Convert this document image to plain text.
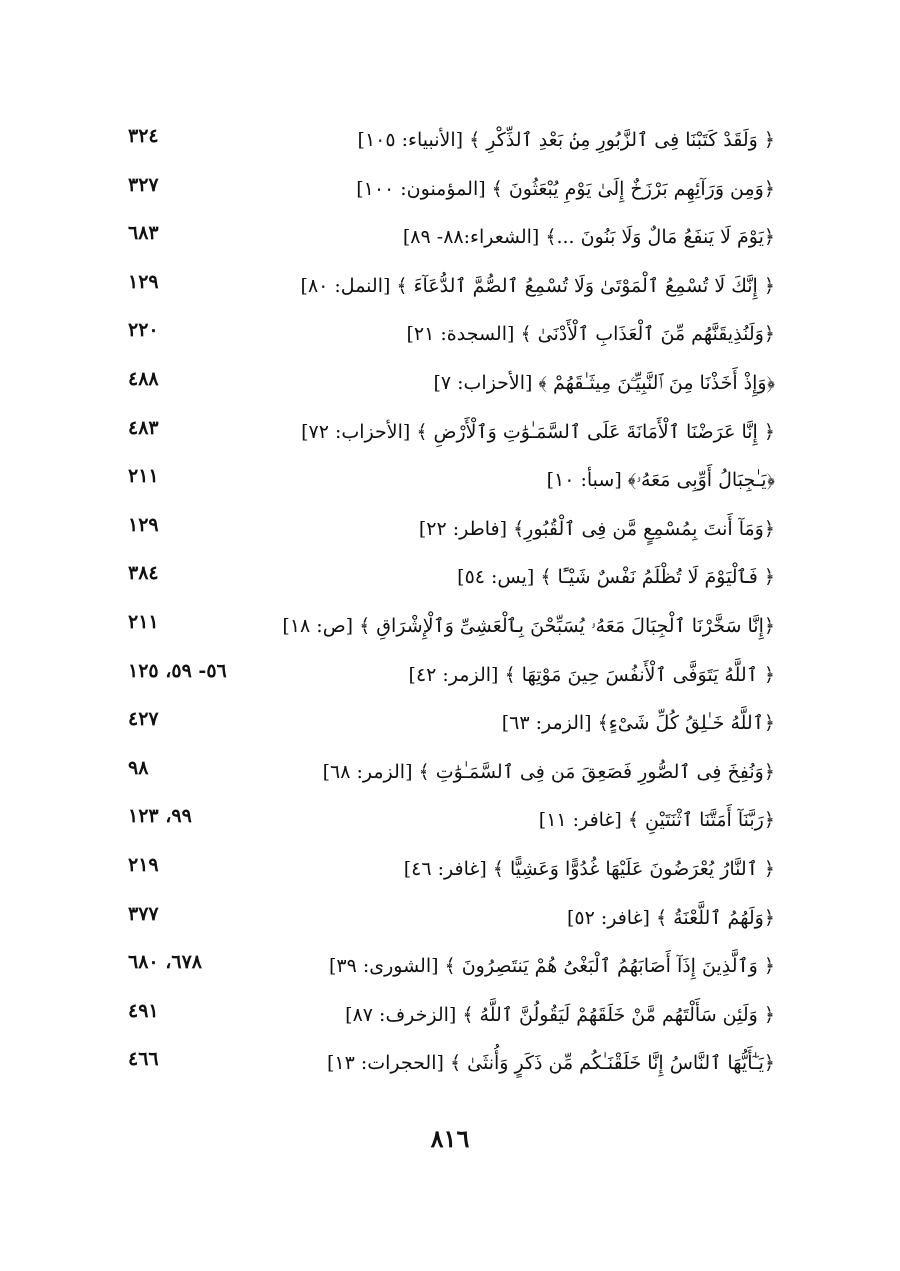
﴿ وَلَقَدْ كَتَبْنَا فِى ٱلزَّبُورِ مِنۢ بَعْدِ ٱلذِّكْرِ ﴾ [الأنبياء: ١٠٥]
٣٢٤
﴿وَمِن وَرَآئِهِم بَرْزَخٌ إِلَىٰ يَوْمِ يُبْعَثُونَ ﴾ [المؤمنون: ١٠٠]
٣٢٧
﴿يَوْمَ لَا يَنفَعُ مَالٌ وَلَا بَنُونَ ...﴾ [الشعراء:٨٨- ٨٩]
٦٨٣
﴿ إِنَّكَ لَا تُسْمِعُ ٱلْمَوْتَىٰ وَلَا تُسْمِعُ ٱلصُّمَّ ٱلدُّعَآءَ ﴾ [النمل: ٨٠]
١٢٩
﴿وَلَنُذِيقَنَّهُم مِّنَ ٱلْعَذَابِ ٱلْأَدْنَىٰ ﴾ [السجدة: ٢١]
٢٢٠
﴿وَإِذْ أَخَذْنَا مِنَ ٱلنَّبِيِّـۧنَ مِيثَـٰقَهُمْ ﴾ [الأحزاب: ٧]
٤٨٨
﴿ إِنَّا عَرَضْنَا ٱلْأَمَانَةَ عَلَى ٱلسَّمَـٰوَٰتِ وَٱلْأَرْضِ ﴾ [الأحزاب: ٧٢]
٤٨٣
﴿يَـٰجِبَالُ أَوِّبِى مَعَهُۥ﴾ [سبأ: ١٠]
٢١١
﴿وَمَآ أَنتَ بِمُسْمِعٍ مَّن فِى ٱلْقُبُورِ﴾ [فاطر: ٢٢]
١٢٩
﴿ فَٱلْيَوْمَ لَا تُظْلَمُ نَفْسٌ شَيْـًٔا ﴾ [يس: ٥٤]
٣٨٤
﴿إِنَّا سَخَّرْنَا ٱلْجِبَالَ مَعَهُۥ يُسَبِّحْنَ بِٱلْعَشِىِّ وَٱلْإِشْرَاقِ ﴾ [ص: ١٨]
٢١١
﴿ ٱللَّهُ يَتَوَفَّى ٱلْأَنفُسَ حِينَ مَوْتِهَا ﴾ [الزمر: ٤٢]
٥٦- ٥٩، ١٢٥
﴿ٱللَّهُ خَـٰلِقُ كُلِّ شَىْءٍ﴾ [الزمر: ٦٣]
٤٢٧
﴿وَنُفِخَ فِى ٱلصُّورِ فَصَعِقَ مَن فِى ٱلسَّمَـٰوَٰتِ ﴾ [الزمر: ٦٨]
٩٨
﴿رَبَّنَآ أَمَتَّنَا ٱثْنَتَيْنِ ﴾ [غافر: ١١]
٩٩، ١٢٣
﴿ ٱلنَّارُ يُعْرَضُونَ عَلَيْهَا غُدُوًّا وَعَشِيًّا ﴾ [غافر: ٤٦]
٢١٩
﴿وَلَهُمُ ٱللَّعْنَةُ ﴾ [غافر: ٥٢]
٣٧٧
﴿ وَٱلَّذِينَ إِذَآ أَصَابَهُمُ ٱلْبَغْىُ هُمْ يَنتَصِرُونَ ﴾ [الشورى: ٣٩]
٦٧٨، ٦٨٠
﴿ وَلَئِن سَأَلْتَهُم مَّنْ خَلَقَهُمْ لَيَقُولُنَّ ٱللَّهُ ﴾ [الزخرف: ٨٧]
٤٩١
﴿يَـٰٓأَيُّهَا ٱلنَّاسُ إِنَّا خَلَقْنَـٰكُم مِّن ذَكَرٍ وَأُنثَىٰ ﴾ [الحجرات: ١٣]
٤٦٦
٨١٦
